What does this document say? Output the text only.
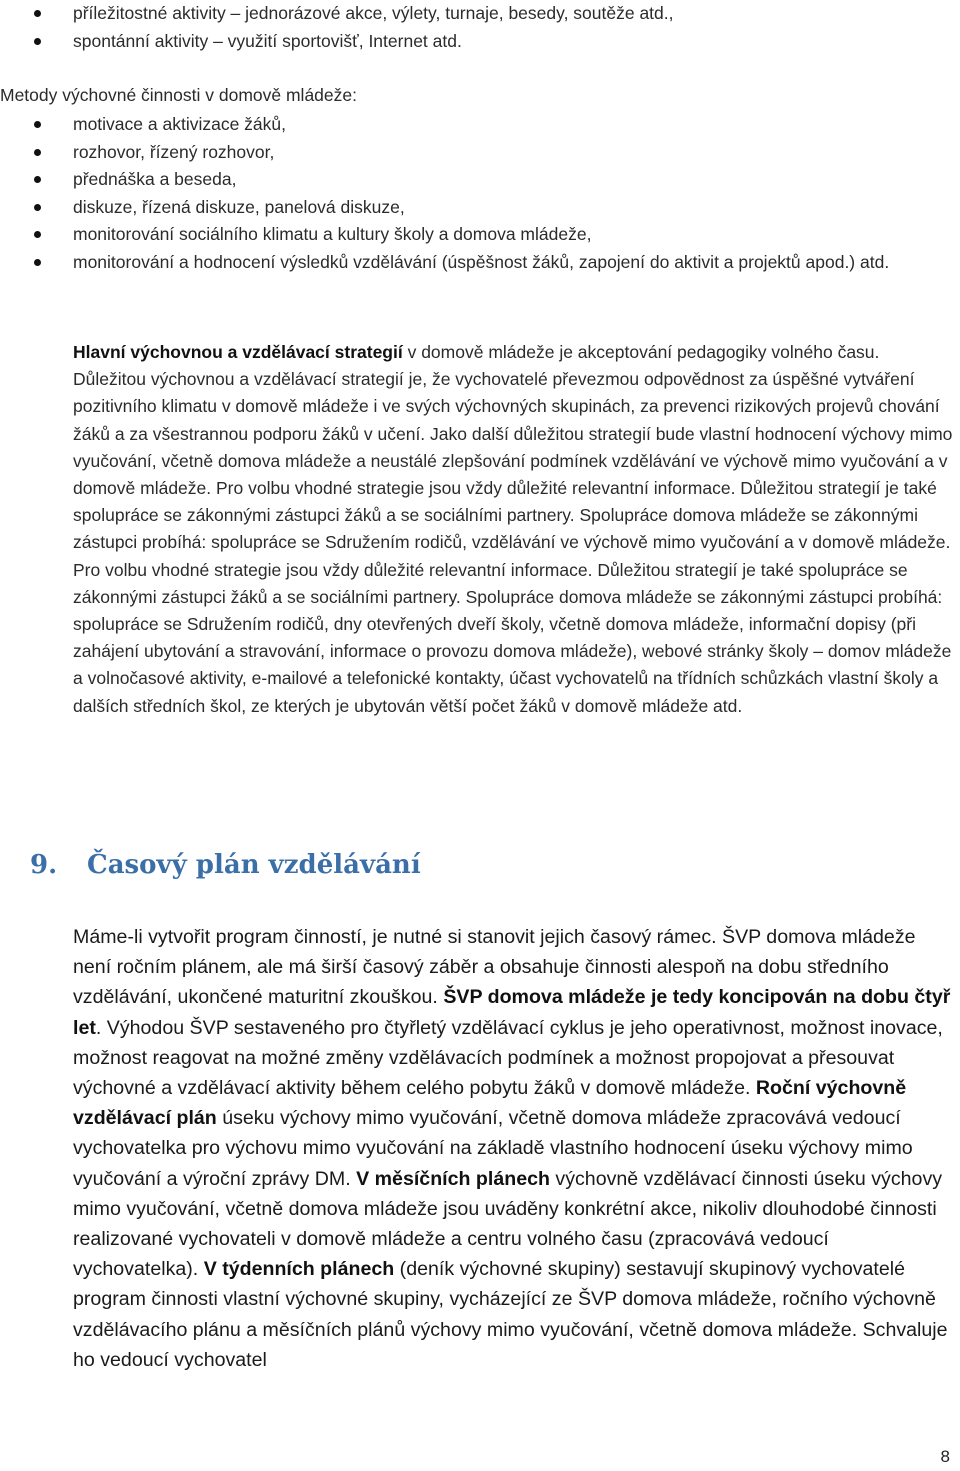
příležitostné aktivity – jednorázové akce, výlety, turnaje, besedy, soutěže atd.,
spontánní aktivity – využití sportovišť, Internet atd.
Metody výchovné činnosti v domově mládeže:
motivace a aktivizace žáků,
rozhovor, řízený rozhovor,
přednáška a beseda,
diskuze, řízená diskuze, panelová diskuze,
monitorování sociálního klimatu a kultury školy a domova mládeže,
monitorování a hodnocení výsledků vzdělávání (úspěšnost žáků, zapojení do aktivit a projektů apod.) atd.
Hlavní výchovnou a vzdělávací strategií v domově mládeže je akceptování pedagogiky volného času. Důležitou výchovnou a vzdělávací strategií je, že vychovatelé převezmou odpovědnost za úspěšné vytváření pozitivního klimatu v domově mládeže i ve svých výchovných skupinách, za prevenci rizikových projevů chování žáků a za všestrannou podporu žáků v učení. Jako další důležitou strategií bude vlastní hodnocení výchovy mimo vyučování, včetně domova mládeže a neustálé zlepšování podmínek vzdělávání ve výchově mimo vyučování a v domově mládeže. Pro volbu vhodné strategie jsou vždy důležité relevantní informace. Důležitou strategií je také spolupráce se zákonnými zástupci žáků a se sociálními partnery. Spolupráce domova mládeže se zákonnými zástupci probíhá: spolupráce se Sdružením rodičů, vzdělávání ve výchově mimo vyučování a v domově mládeže. Pro volbu vhodné strategie jsou vždy důležité relevantní informace. Důležitou strategií je také spolupráce se zákonnými zástupci žáků a se sociálními partnery. Spolupráce domova mládeže se zákonnými zástupci probíhá: spolupráce se Sdružením rodičů, dny otevřených dveří školy, včetně domova mládeže, informační dopisy (při zahájení ubytování a stravování, informace o provozu domova mládeže), webové stránky školy – domov mládeže a volnočasové aktivity, e-mailové a telefonické kontakty, účast vychovatelů na třídních schůzkách vlastní školy a dalších středních škol, ze kterých je ubytován větší počet žáků v domově mládeže atd.
9. Časový plán vzdělávání
Máme-li vytvořit program činností, je nutné si stanovit jejich časový rámec. ŠVP domova mládeže není ročním plánem, ale má širší časový záběr a obsahuje činnosti alespoň na dobu středního vzdělávání, ukončené maturitní zkouškou. ŠVP domova mládeže je tedy koncipován na dobu čtyř let. Výhodou ŠVP sestaveného pro čtyřletý vzdělávací cyklus je jeho operativnost, možnost inovace, možnost reagovat na možné změny vzdělávacích podmínek a možnost propojovat a přesouvat výchovné a vzdělávací aktivity během celého pobytu žáků v domově mládeže. Roční výchovně vzdělávací plán úseku výchovy mimo vyučování, včetně domova mládeže zpracovává vedoucí vychovatelka pro výchovu mimo vyučování na základě vlastního hodnocení úseku výchovy mimo vyučování a výroční zprávy DM. V měsíčních plánech výchovně vzdělávací činnosti úseku výchovy mimo vyučování, včetně domova mládeže jsou uváděny konkrétní akce, nikoliv dlouhodobé činnosti realizované vychovateli v domově mládeže a centru volného času (zpracovává vedoucí vychovatelka). V týdenních plánech (deník výchovné skupiny) sestavují skupinový vychovatelé program činnosti vlastní výchovné skupiny, vycházející ze ŠVP domova mládeže, ročního výchovně vzdělávacího plánu a měsíčních plánů výchovy mimo vyučování, včetně domova mládeže. Schvaluje ho vedoucí vychovatel
8
